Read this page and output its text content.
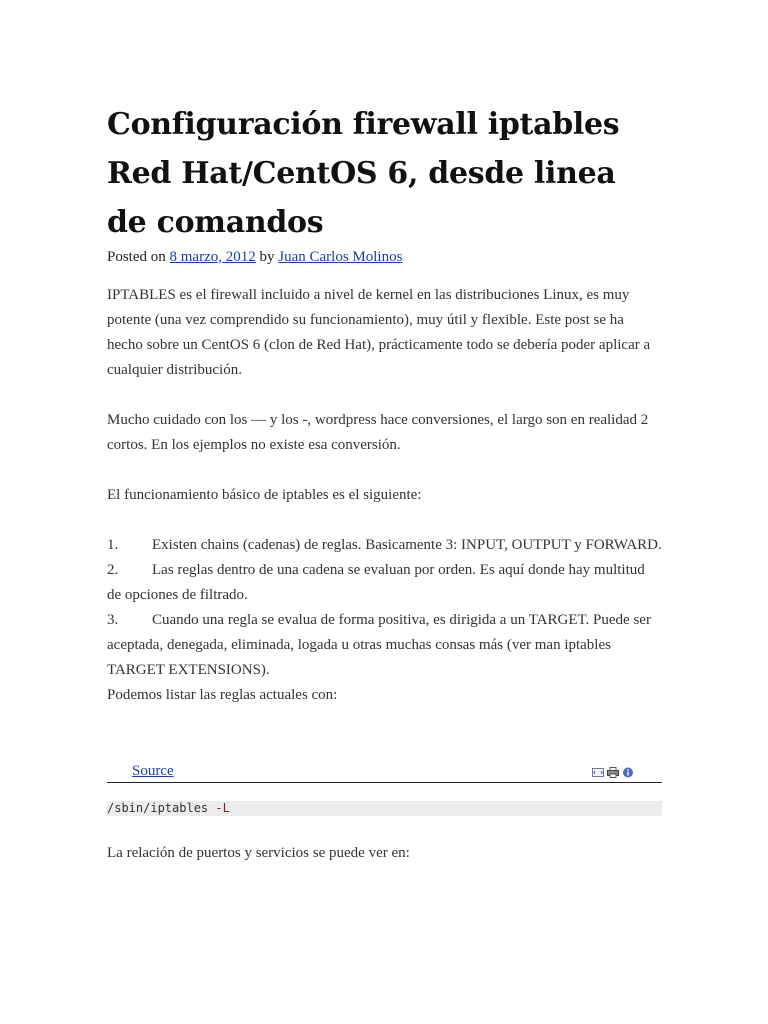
Configuración firewall iptables Red Hat/CentOS 6, desde linea de comandos

Posted on 8 marzo, 2012 by Juan Carlos Molinos

IPTABLES es el firewall incluido a nivel de kernel en las distribuciones Linux, es muy potente (una vez comprendido su funcionamiento), muy útil y flexible. Este post se ha hecho sobre un CentOS 6 (clon de Red Hat), prácticamente todo se debería poder aplicar a cualquier distribución.

Mucho cuidado con los — y los -, wordpress hace conversiones, el largo son en realidad 2 cortos. En los ejemplos no existe esa conversión.

El funcionamiento básico de iptables es el siguiente:

1. Existen chains (cadenas) de reglas. Basicamente 3: INPUT, OUTPUT y FORWARD.

2. Las reglas dentro de una cadena se evaluan por orden. Es aquí donde hay multitud de opciones de filtrado.

3. Cuando una regla se evalua de forma positiva, es dirigida a un TARGET. Puede ser aceptada, denegada, eliminada, logada u otras muchas consas más (ver man iptables TARGET EXTENSIONS).

Podemos listar las reglas actuales con:

Source
/sbin/iptables -L

La relación de puertos y servicios se puede ver en:
